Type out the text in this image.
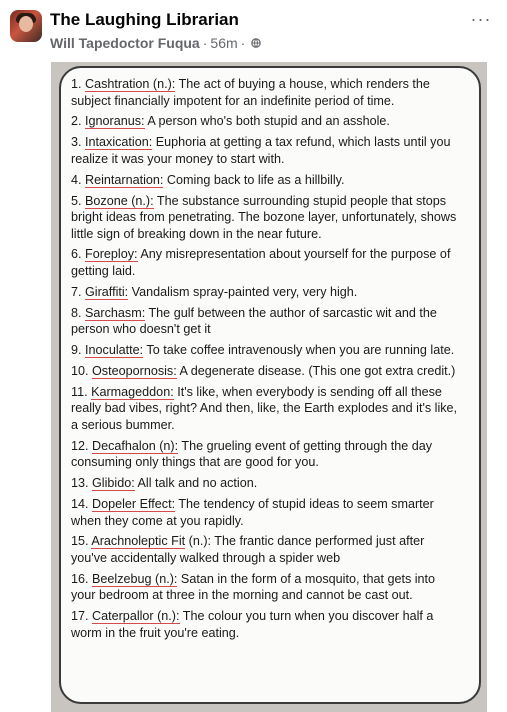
The Laughing Librarian
Will Tapedoctor Fuqua · 56m ·
···
1. Cashtration (n.): The act of buying a house, which renders the subject financially impotent for an indefinite period of time.
2. Ignoranus: A person who's both stupid and an asshole.
3. Intaxication: Euphoria at getting a tax refund, which lasts until you realize it was your money to start with.
4. Reintarnation: Coming back to life as a hillbilly.
5. Bozone (n.): The substance surrounding stupid people that stops bright ideas from penetrating. The bozone layer, unfortunately, shows little sign of breaking down in the near future.
6. Foreploy: Any misrepresentation about yourself for the purpose of getting laid.
7. Giraffiti: Vandalism spray-painted very, very high.
8. Sarchasm: The gulf between the author of sarcastic wit and the person who doesn't get it
9. Inoculatte: To take coffee intravenously when you are running late.
10. Osteopornosis: A degenerate disease. (This one got extra credit.)
11. Karmageddon: It's like, when everybody is sending off all these really bad vibes, right? And then, like, the Earth explodes and it's like, a serious bummer.
12. Decafhalon (n): The grueling event of getting through the day consuming only things that are good for you.
13. Glibido: All talk and no action.
14. Dopeler Effect: The tendency of stupid ideas to seem smarter when they come at you rapidly.
15. Arachnoleptic Fit (n.): The frantic dance performed just after you've accidentally walked through a spider web
16. Beelzebug (n.): Satan in the form of a mosquito, that gets into your bedroom at three in the morning and cannot be cast out.
17. Caterpallor (n.): The colour you turn when you discover half a worm in the fruit you're eating.
